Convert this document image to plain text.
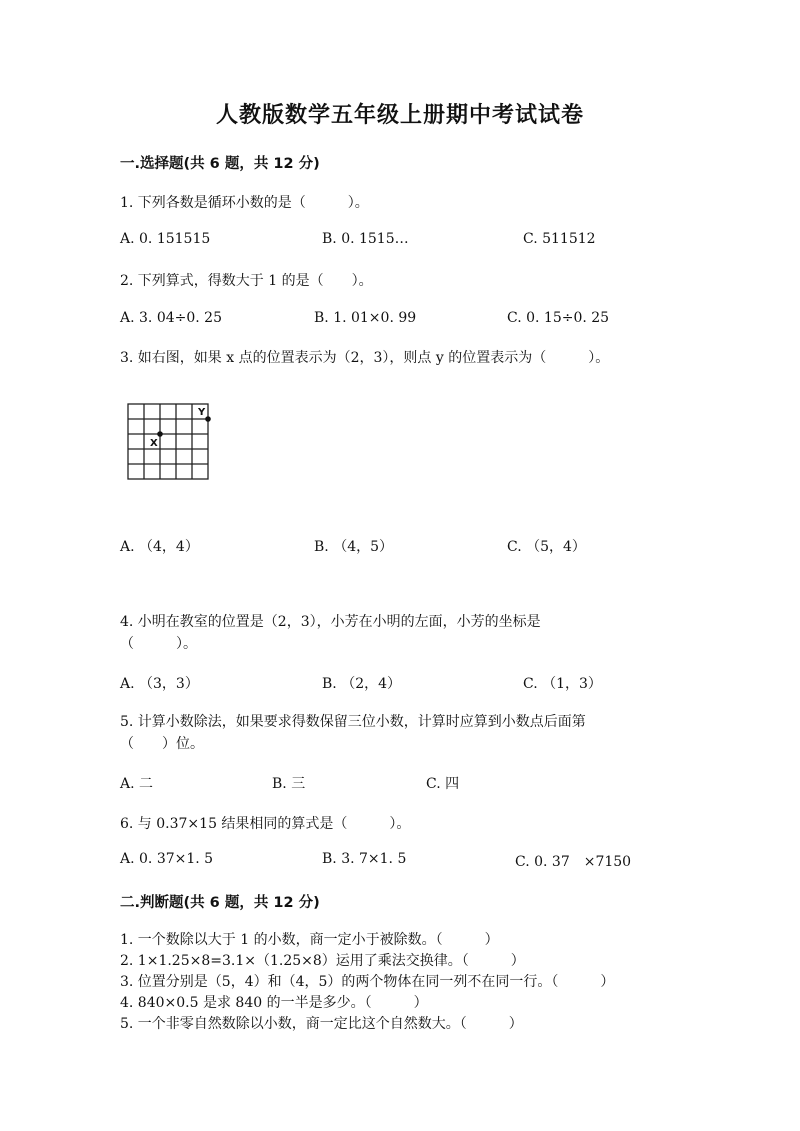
人教版数学五年级上册期中考试试卷
一.选择题(共 6 题，共 12 分)
1. 下列各数是循环小数的是（　　　）。
A. 0. 151515	B. 0. 1515…	C. 511512
2. 下列算式，得数大于 1 的是（　　）。
A. 3. 04÷0. 25	B. 1. 01×0. 99	C. 0. 15÷0. 25
3. 如右图，如果 x 点的位置表示为（2，3），则点 y 的位置表示为（　　　）。
X
Y
A. （4，4）	B. （4，5）	C. （5，4）
4. 小明在教室的位置是（2，3），小芳在小明的左面，小芳的坐标是
（　　　）。
A. （3，3）	B. （2，4）	C. （1，3）
5. 计算小数除法，如果要求得数保留三位小数，计算时应算到小数点后面第
（　　）位。
A. 二	B. 三	C. 四
6. 与 0.37×15 结果相同的算式是（　　　）。
A. 0. 37×1. 5	B. 3. 7×1. 5	C. 0. 37　×7150
二.判断题(共 6 题，共 12 分)
1. 一个数除以大于 1 的小数，商一定小于被除数。（　　　）
2. 1×1.25×8=3.1×（1.25×8）运用了乘法交换律。（　　　）
3. 位置分别是（5，4）和（4，5）的两个物体在同一列不在同一行。（　　　）
4. 840×0.5 是求 840 的一半是多少。（　　　）
5. 一个非零自然数除以小数，商一定比这个自然数大。（　　　）
